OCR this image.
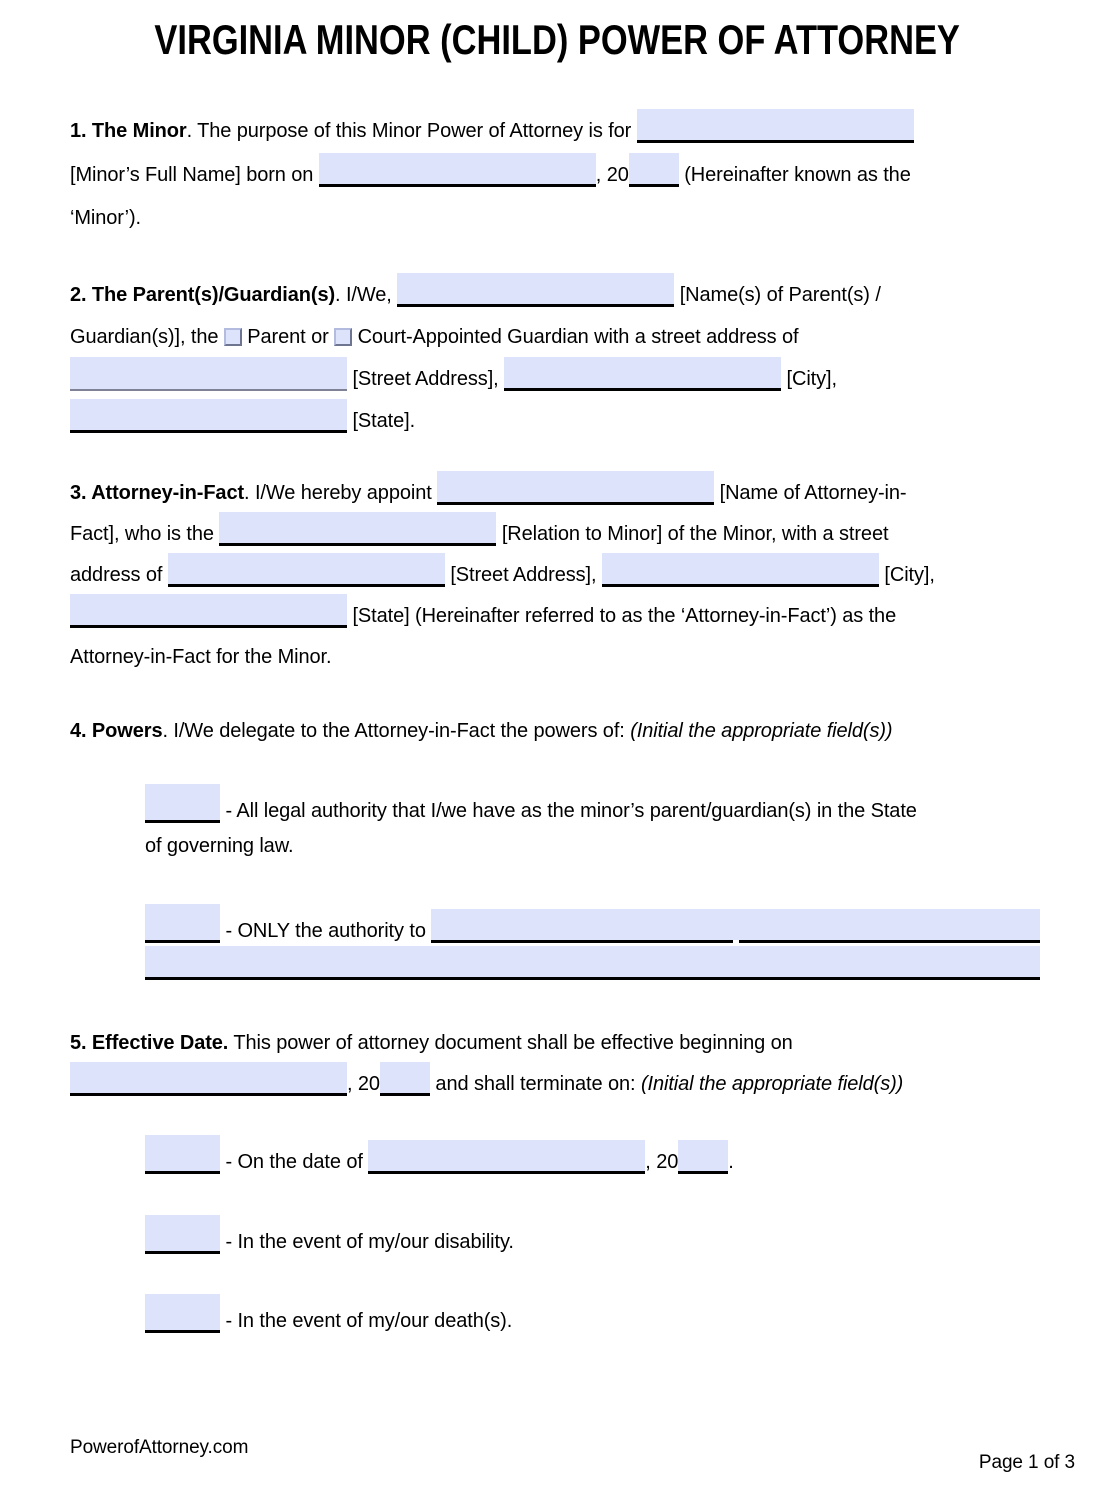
VIRGINIA MINOR (CHILD) POWER OF ATTORNEY
1. The Minor . The purpose of this Minor Power of Attorney is for
[Minor’s Full Name] born on	, 20	(Hereinafter known as the
‘Minor’).
2. The Parent(s)/Guardian(s) . I/We,	[Name(s) of Parent(s) /
Guardian(s)], the Parent or Court-Appointed Guardian with a street address of
[Street Address],	[City],
[State].
3. Attorney-in-Fact . I/We hereby appoint	[Name of Attorney-in-
Fact], who is the	[Relation to Minor] of the Minor, with a street
address of	[Street Address],	[City],
[State] (Hereinafter referred to as the ‘Attorney-in-Fact’) as the
Attorney-in-Fact for the Minor.
4. Powers . I/We delegate to the Attorney-in-Fact the powers of: (Initial the appropriate field(s))
- All legal authority that I/we have as the minor’s parent/guardian(s) in the State
of governing law.
- ONLY the authority to
5. Effective Date. This power of attorney document shall be effective beginning on
, 20	and shall terminate on: (Initial the appropriate field(s))
- On the date of	, 20	.
- In the event of my/our disability.
- In the event of my/our death(s).
PowerofAttorney.com
Page 1 of 3
